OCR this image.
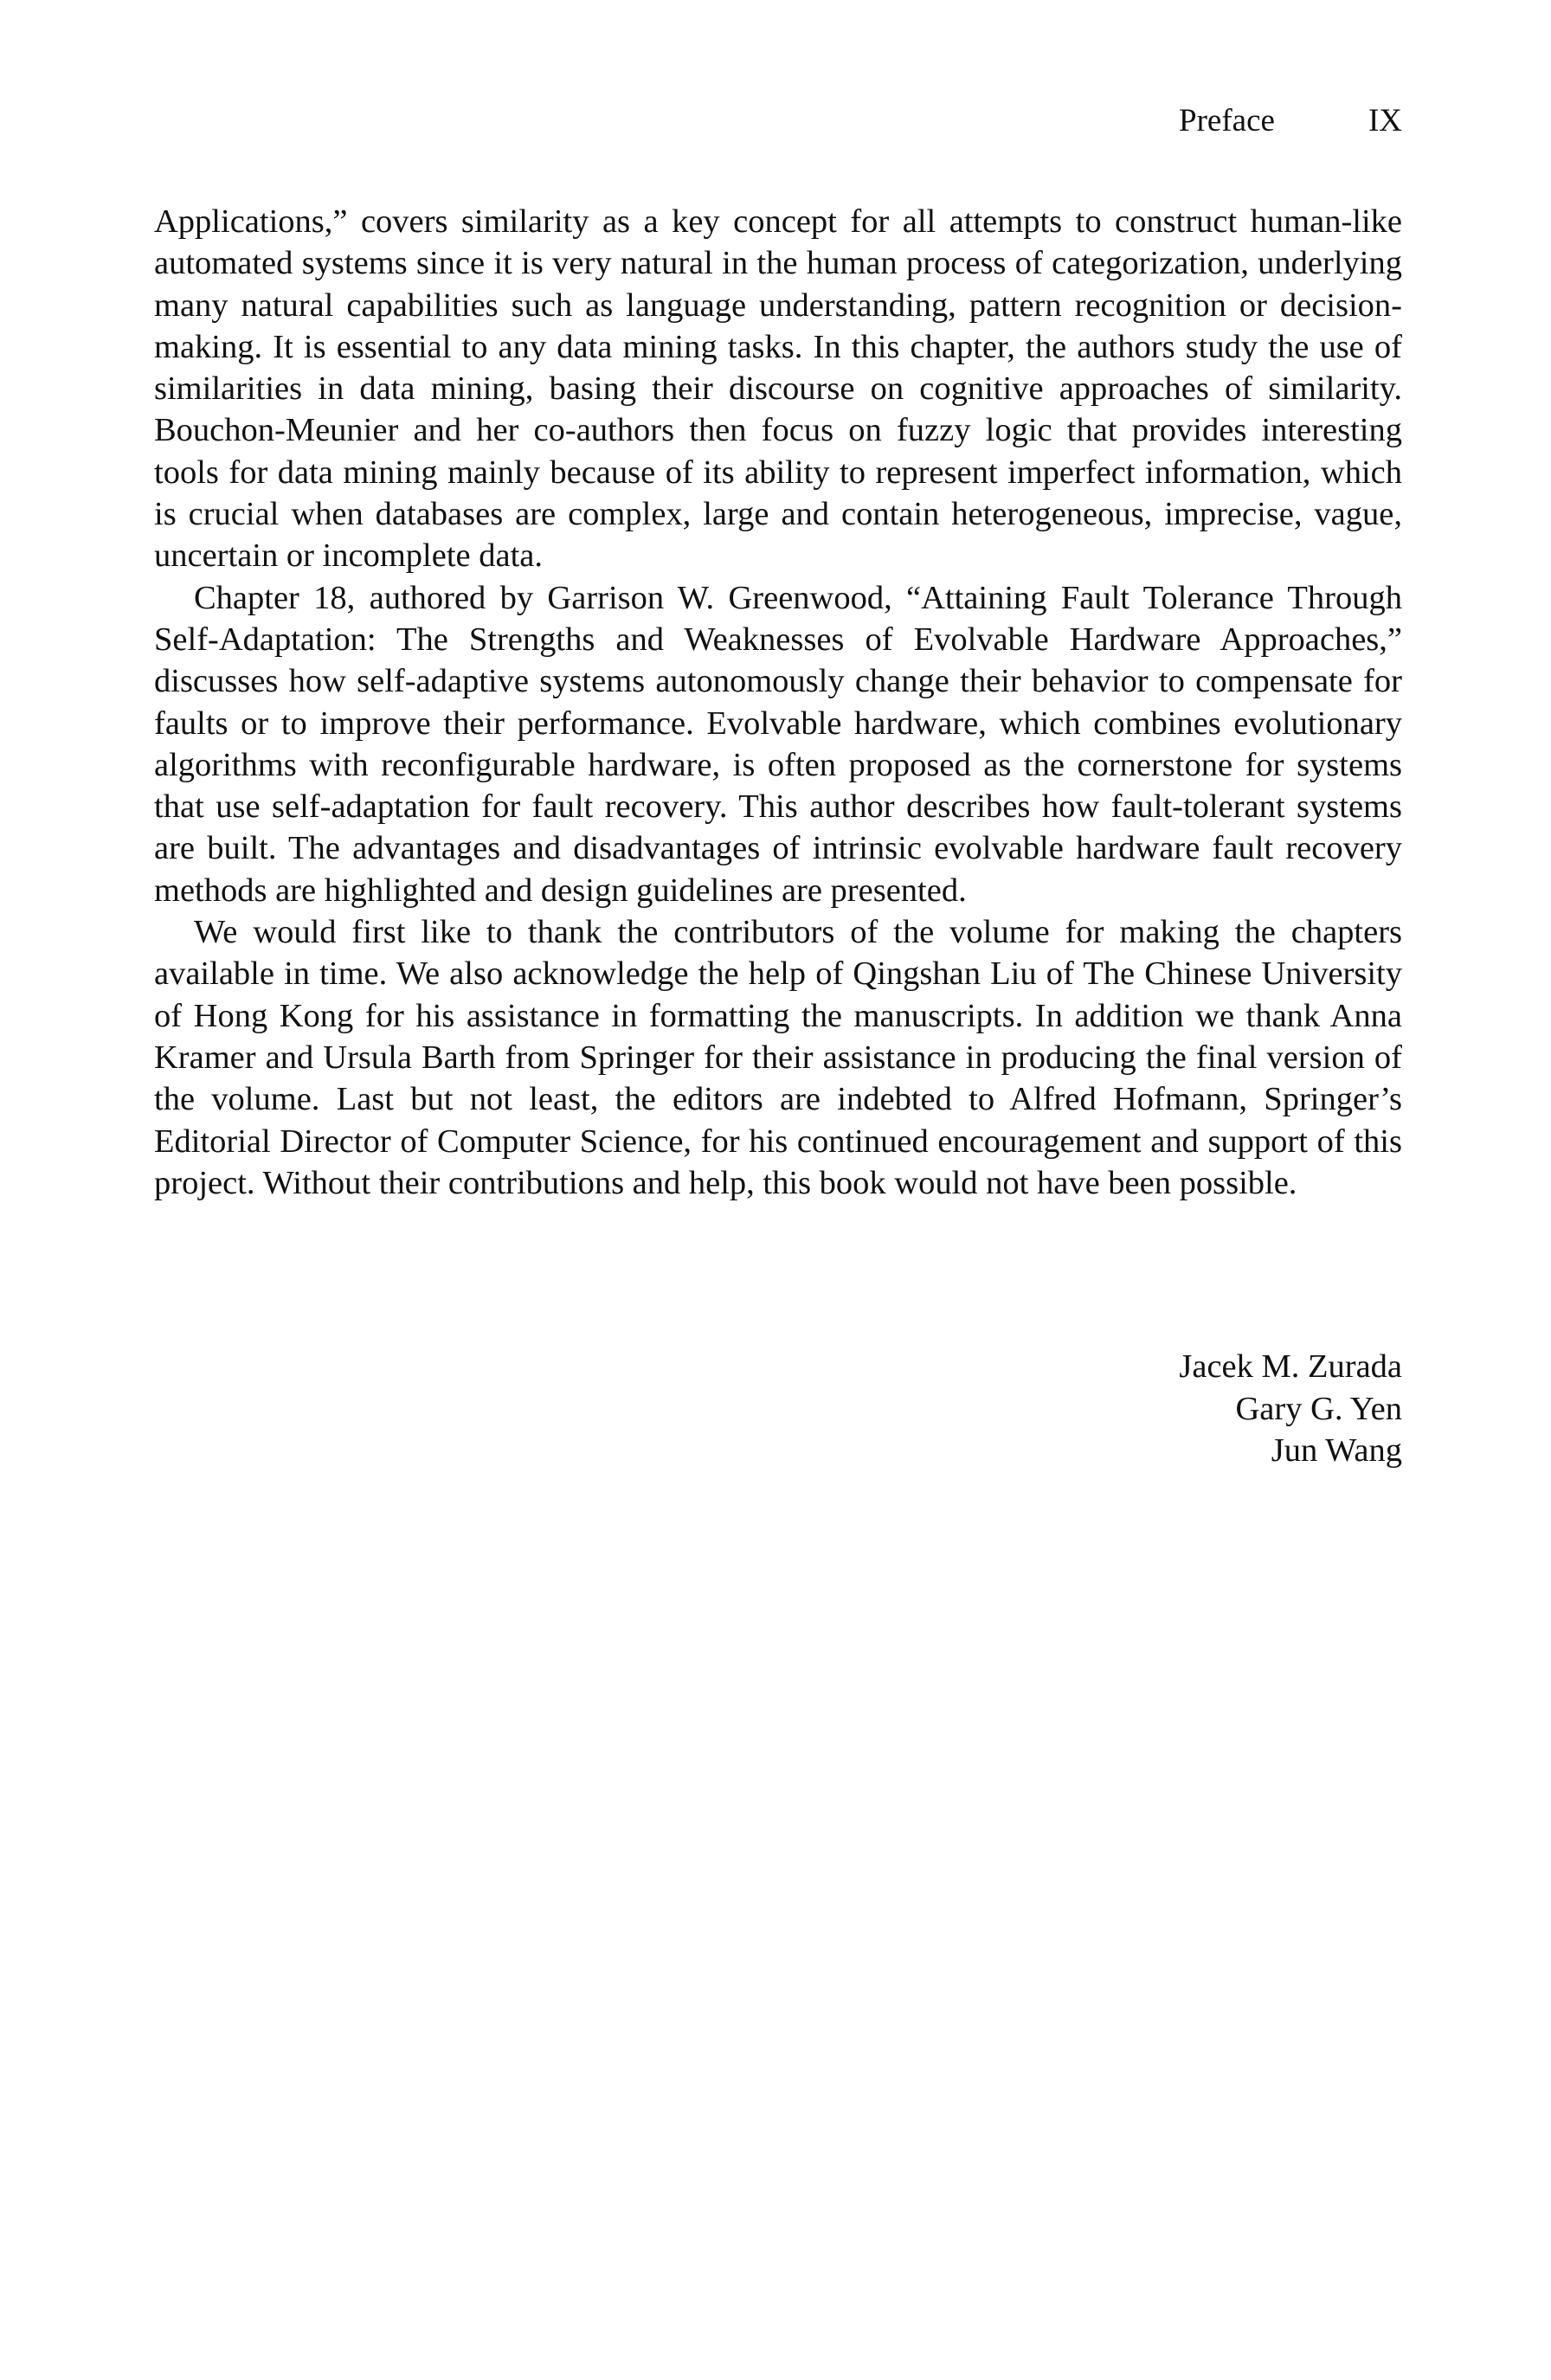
Preface	IX

Applications,” covers similarity as a key concept for all attempts to construct human-like automated systems since it is very natural in the human process of categorization, underlying many natural capabilities such as language understanding, pattern recognition or decision-making. It is essential to any data mining tasks. In this chapter, the authors study the use of similarities in data mining, basing their discourse on cognitive approaches of similarity. Bouchon-Meunier and her co-authors then focus on fuzzy logic that provides interesting tools for data mining mainly because of its ability to represent imperfect information, which is crucial when databases are complex, large and contain heterogeneous, imprecise, vague, uncertain or incomplete data.

Chapter 18, authored by Garrison W. Greenwood, “Attaining Fault Tolerance Through Self-Adaptation: The Strengths and Weaknesses of Evolvable Hardware Approaches,” discusses how self-adaptive systems autonomously change their behavior to compensate for faults or to improve their performance. Evolvable hardware, which combines evolutionary algorithms with reconfigurable hardware, is often proposed as the cornerstone for systems that use self-adaptation for fault recovery. This author describes how fault-tolerant systems are built. The advantages and disadvantages of intrinsic evolvable hardware fault recovery methods are highlighted and design guidelines are presented.

We would first like to thank the contributors of the volume for making the chapters available in time. We also acknowledge the help of Qingshan Liu of The Chinese University of Hong Kong for his assistance in formatting the manuscripts. In addition we thank Anna Kramer and Ursula Barth from Springer for their assistance in producing the final version of the volume. Last but not least, the editors are indebted to Alfred Hofmann, Springer’s Editorial Director of Computer Science, for his continued encouragement and support of this project. Without their contributions and help, this book would not have been possible.

Jacek M. Zurada
Gary G. Yen
Jun Wang
